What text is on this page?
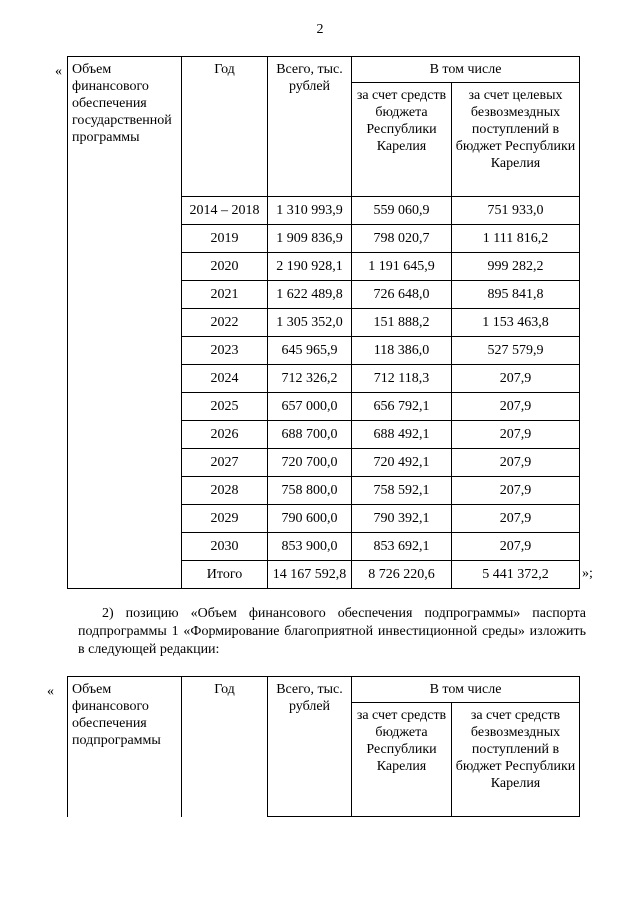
2
« Объем финансового обеспечения государственной программы	Год	Всего, тыс. рублей	В том числе	
			за счет средств бюджета Республики Карелия	за счет целевых безвозмездных поступлений в бюджет Республики Карелия
	2014 – 2018	1 310 993,9	559 060,9	751 933,0
	2019	1 909 836,9	798 020,7	1 111 816,2
	2020	2 190 928,1	1 191 645,9	999 282,2
	2021	1 622 489,8	726 648,0	895 841,8
	2022	1 305 352,0	151 888,2	1 153 463,8
	2023	645 965,9	118 386,0	527 579,9
	2024	712 326,2	712 118,3	207,9
	2025	657 000,0	656 792,1	207,9
	2026	688 700,0	688 492,1	207,9
	2027	720 700,0	720 492,1	207,9
	2028	758 800,0	758 592,1	207,9
	2029	790 600,0	790 392,1	207,9
	2030	853 900,0	853 692,1	207,9
	Итого	14 167 592,8	8 726 220,6	5 441 372,2 »;
2) позицию «Объем финансового обеспечения подпрограммы» паспорта подпрограммы 1 «Формирование благоприятной инвестиционной среды» изложить в следующей редакции:
« Объем финансового обеспечения подпрограммы	Год	Всего, тыс. рублей	В том числе	
			за счет средств бюджета Республики Карелия	за счет средств безвозмездных поступлений в бюджет Республики Карелия
